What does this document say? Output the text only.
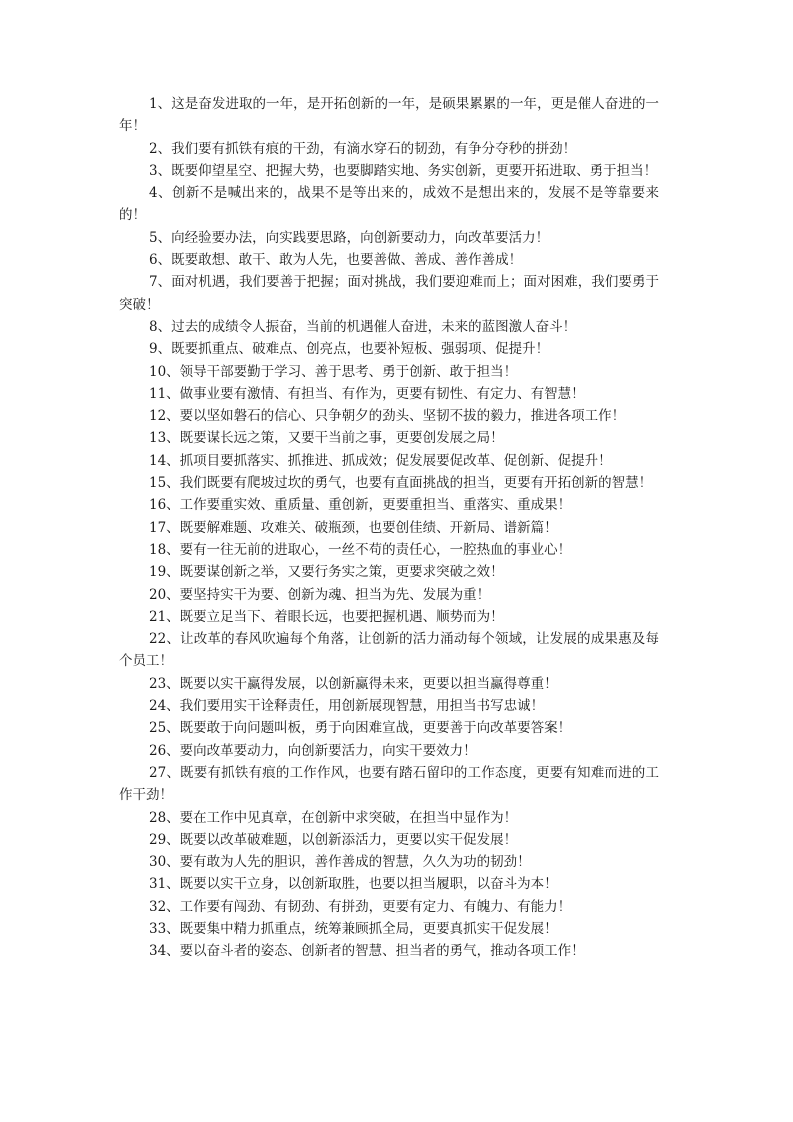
1、这是奋发进取的一年，是开拓创新的一年，是硕果累累的一年，更是催人奋进的一年！

2、我们要有抓铁有痕的干劲，有滴水穿石的韧劲，有争分夺秒的拼劲！

3、既要仰望星空、把握大势，也要脚踏实地、务实创新，更要开拓进取、勇于担当！

4、创新不是喊出来的，战果不是等出来的，成效不是想出来的，发展不是等靠要来的！

5、向经验要办法，向实践要思路，向创新要动力，向改革要活力！

6、既要敢想、敢干、敢为人先，也要善做、善成、善作善成！

7、面对机遇，我们要善于把握；面对挑战，我们要迎难而上；面对困难，我们要勇于突破！

8、过去的成绩令人振奋，当前的机遇催人奋进，未来的蓝图激人奋斗！

9、既要抓重点、破难点、创亮点，也要补短板、强弱项、促提升！

10、领导干部要勤于学习、善于思考、勇于创新、敢于担当！

11、做事业要有激情、有担当、有作为，更要有韧性、有定力、有智慧！

12、要以坚如磐石的信心、只争朝夕的劲头、坚韧不拔的毅力，推进各项工作！

13、既要谋长远之策，又要干当前之事，更要创发展之局！

14、抓项目要抓落实、抓推进、抓成效；促发展要促改革、促创新、促提升！

15、我们既要有爬坡过坎的勇气，也要有直面挑战的担当，更要有开拓创新的智慧！

16、工作要重实效、重质量、重创新，更要重担当、重落实、重成果！

17、既要解难题、攻难关、破瓶颈，也要创佳绩、开新局、谱新篇！

18、要有一往无前的进取心，一丝不苟的责任心，一腔热血的事业心！

19、既要谋创新之举，又要行务实之策，更要求突破之效！

20、要坚持实干为要、创新为魂、担当为先、发展为重！

21、既要立足当下、着眼长远，也要把握机遇、顺势而为！

22、让改革的春风吹遍每个角落，让创新的活力涌动每个领域，让发展的成果惠及每个员工！

23、既要以实干赢得发展，以创新赢得未来，更要以担当赢得尊重！

24、我们要用实干诠释责任，用创新展现智慧，用担当书写忠诚！

25、既要敢于向问题叫板，勇于向困难宣战，更要善于向改革要答案！

26、要向改革要动力，向创新要活力，向实干要效力！

27、既要有抓铁有痕的工作作风，也要有踏石留印的工作态度，更要有知难而进的工作干劲！

28、要在工作中见真章，在创新中求突破，在担当中显作为！

29、既要以改革破难题，以创新添活力，更要以实干促发展！

30、要有敢为人先的胆识，善作善成的智慧，久久为功的韧劲！

31、既要以实干立身，以创新取胜，也要以担当履职，以奋斗为本！

32、工作要有闯劲、有韧劲、有拼劲，更要有定力、有魄力、有能力！

33、既要集中精力抓重点，统筹兼顾抓全局，更要真抓实干促发展！

34、要以奋斗者的姿态、创新者的智慧、担当者的勇气，推动各项工作！
